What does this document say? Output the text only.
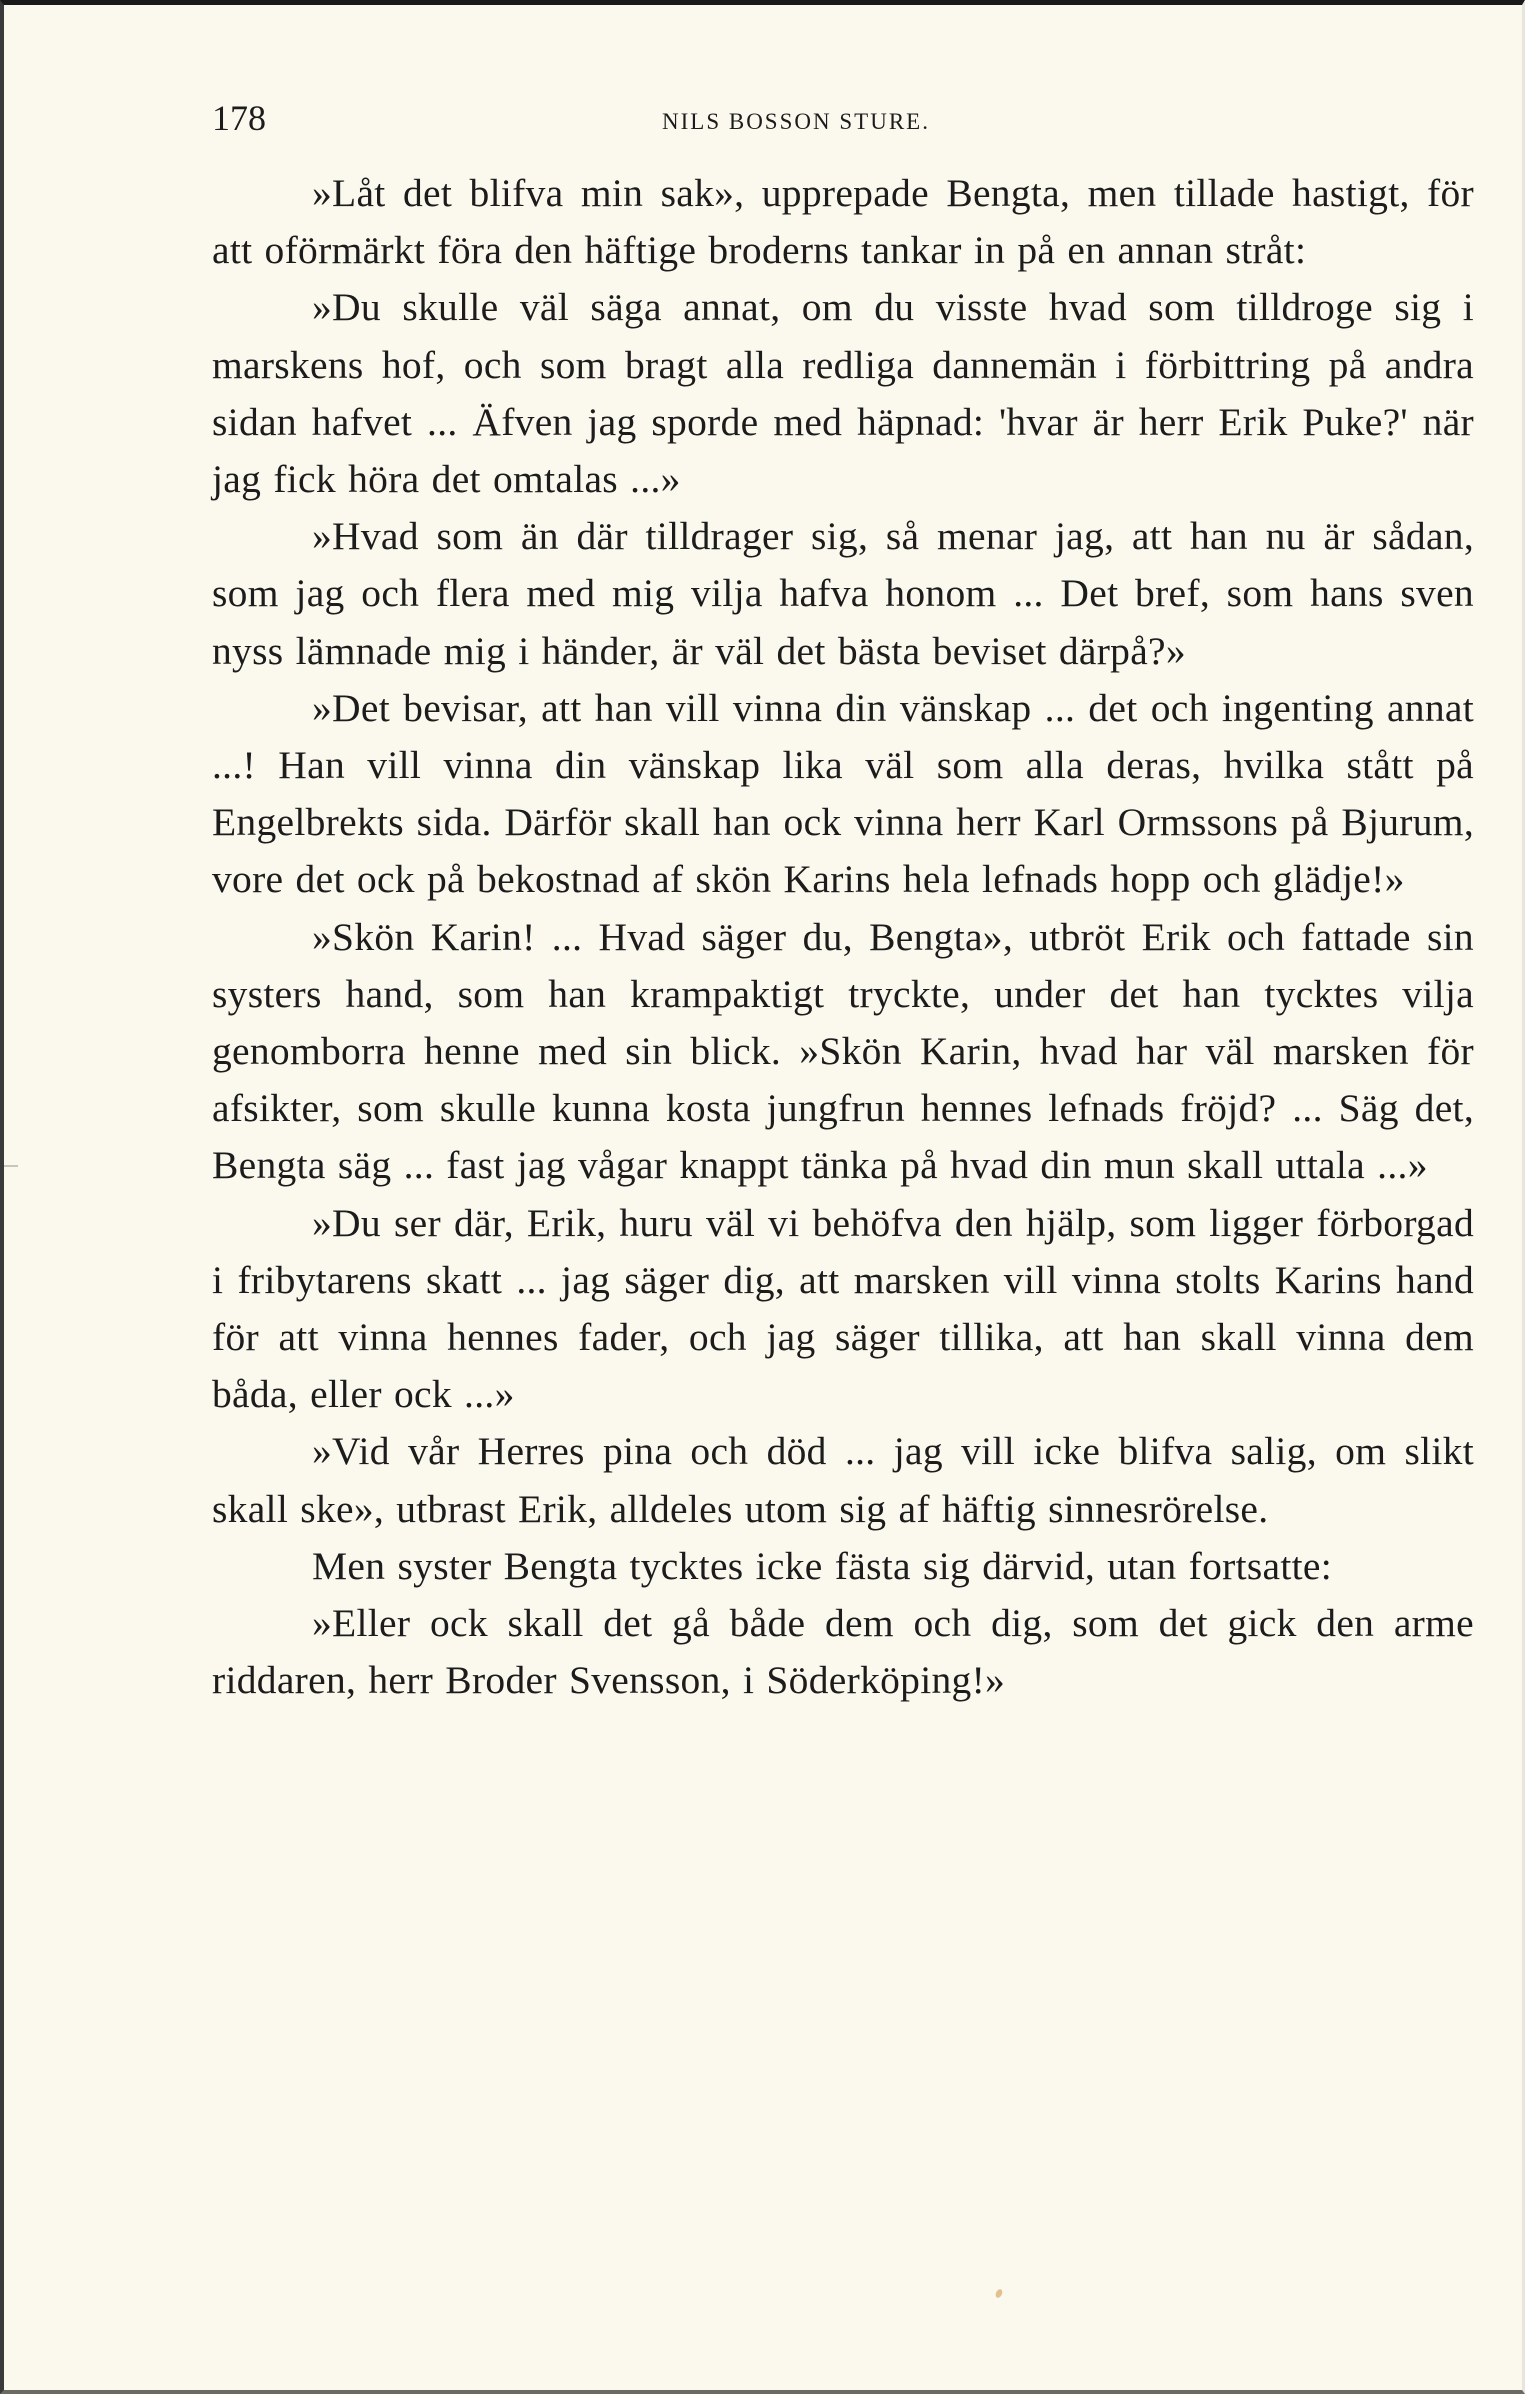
178	NILS BOSSON STURE.

»Låt det blifva min sak», upprepade Bengta, men tillade hastigt, för att oförmärkt föra den häftige broderns tankar in på en annan stråt:

»Du skulle väl säga annat, om du visste hvad som tilldroge sig i marskens hof, och som bragt alla redliga dannemän i förbittring på andra sidan hafvet ... Äfven jag sporde med häpnad: 'hvar är herr Erik Puke?' när jag fick höra det omtalas ...»

»Hvad som än där tilldrager sig, så menar jag, att han nu är sådan, som jag och flera med mig vilja hafva honom ... Det bref, som hans sven nyss lämnade mig i händer, är väl det bästa beviset därpå?»

»Det bevisar, att han vill vinna din vänskap ... det och ingenting annat ...! Han vill vinna din vänskap lika väl som alla deras, hvilka stått på Engelbrekts sida. Därför skall han ock vinna herr Karl Ormssons på Bjurum, vore det ock på bekostnad af skön Karins hela lefnads hopp och glädje!»

»Skön Karin! ... Hvad säger du, Bengta», utbröt Erik och fattade sin systers hand, som han krampaktigt tryckte, under det han tycktes vilja genomborra henne med sin blick. »Skön Karin, hvad har väl marsken för afsikter, som skulle kunna kosta jungfrun hennes lefnads fröjd? ... Säg det, Bengta säg ... fast jag vågar knappt tänka på hvad din mun skall uttala ...»

»Du ser där, Erik, huru väl vi behöfva den hjälp, som ligger förborgad i fribytarens skatt ... jag säger dig, att marsken vill vinna stolts Karins hand för att vinna hennes fader, och jag säger tillika, att han skall vinna dem båda, eller ock ...»

»Vid vår Herres pina och död ... jag vill icke blifva salig, om slikt skall ske», utbrast Erik, alldeles utom sig af häftig sinnesrörelse.

Men syster Bengta tycktes icke fästa sig därvid, utan fortsatte:

»Eller ock skall det gå både dem och dig, som det gick den arme riddaren, herr Broder Svensson, i Söderköping!»
